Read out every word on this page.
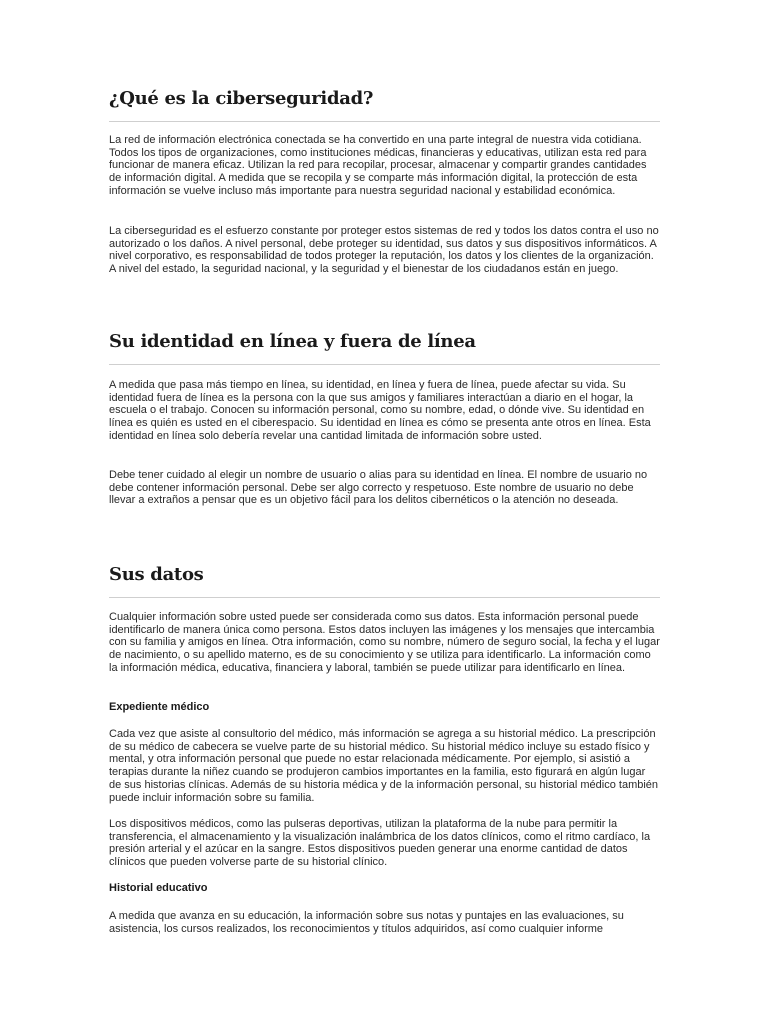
¿Qué es la ciberseguridad?

La red de información electrónica conectada se ha convertido en una parte integral de nuestra vida cotidiana. Todos los tipos de organizaciones, como instituciones médicas, financieras y educativas, utilizan esta red para funcionar de manera eficaz. Utilizan la red para recopilar, procesar, almacenar y compartir grandes cantidades de información digital. A medida que se recopila y se comparte más información digital, la protección de esta información se vuelve incluso más importante para nuestra seguridad nacional y estabilidad económica.

La ciberseguridad es el esfuerzo constante por proteger estos sistemas de red y todos los datos contra el uso no autorizado o los daños. A nivel personal, debe proteger su identidad, sus datos y sus dispositivos informáticos. A nivel corporativo, es responsabilidad de todos proteger la reputación, los datos y los clientes de la organización. A nivel del estado, la seguridad nacional, y la seguridad y el bienestar de los ciudadanos están en juego.

Su identidad en línea y fuera de línea

A medida que pasa más tiempo en línea, su identidad, en línea y fuera de línea, puede afectar su vida. Su identidad fuera de línea es la persona con la que sus amigos y familiares interactúan a diario en el hogar, la escuela o el trabajo. Conocen su información personal, como su nombre, edad, o dónde vive. Su identidad en línea es quién es usted en el ciberespacio. Su identidad en línea es cómo se presenta ante otros en línea. Esta identidad en línea solo debería revelar una cantidad limitada de información sobre usted.

Debe tener cuidado al elegir un nombre de usuario o alias para su identidad en línea. El nombre de usuario no debe contener información personal. Debe ser algo correcto y respetuoso. Este nombre de usuario no debe llevar a extraños a pensar que es un objetivo fácil para los delitos cibernéticos o la atención no deseada.

Sus datos

Cualquier información sobre usted puede ser considerada como sus datos. Esta información personal puede identificarlo de manera única como persona. Estos datos incluyen las imágenes y los mensajes que intercambia con su familia y amigos en línea. Otra información, como su nombre, número de seguro social, la fecha y el lugar de nacimiento, o su apellido materno, es de su conocimiento y se utiliza para identificarlo. La información como la información médica, educativa, financiera y laboral, también se puede utilizar para identificarlo en línea.

Expediente médico

Cada vez que asiste al consultorio del médico, más información se agrega a su historial médico. La prescripción de su médico de cabecera se vuelve parte de su historial médico. Su historial médico incluye su estado físico y mental, y otra información personal que puede no estar relacionada médicamente. Por ejemplo, si asistió a terapias durante la niñez cuando se produjeron cambios importantes en la familia, esto figurará en algún lugar de sus historias clínicas. Además de su historia médica y de la información personal, su historial médico también puede incluir información sobre su familia.

Los dispositivos médicos, como las pulseras deportivas, utilizan la plataforma de la nube para permitir la transferencia, el almacenamiento y la visualización inalámbrica de los datos clínicos, como el ritmo cardíaco, la presión arterial y el azúcar en la sangre. Estos dispositivos pueden generar una enorme cantidad de datos clínicos que pueden volverse parte de su historial clínico.

Historial educativo

A medida que avanza en su educación, la información sobre sus notas y puntajes en las evaluaciones, su asistencia, los cursos realizados, los reconocimientos y títulos adquiridos, así como cualquier informe
